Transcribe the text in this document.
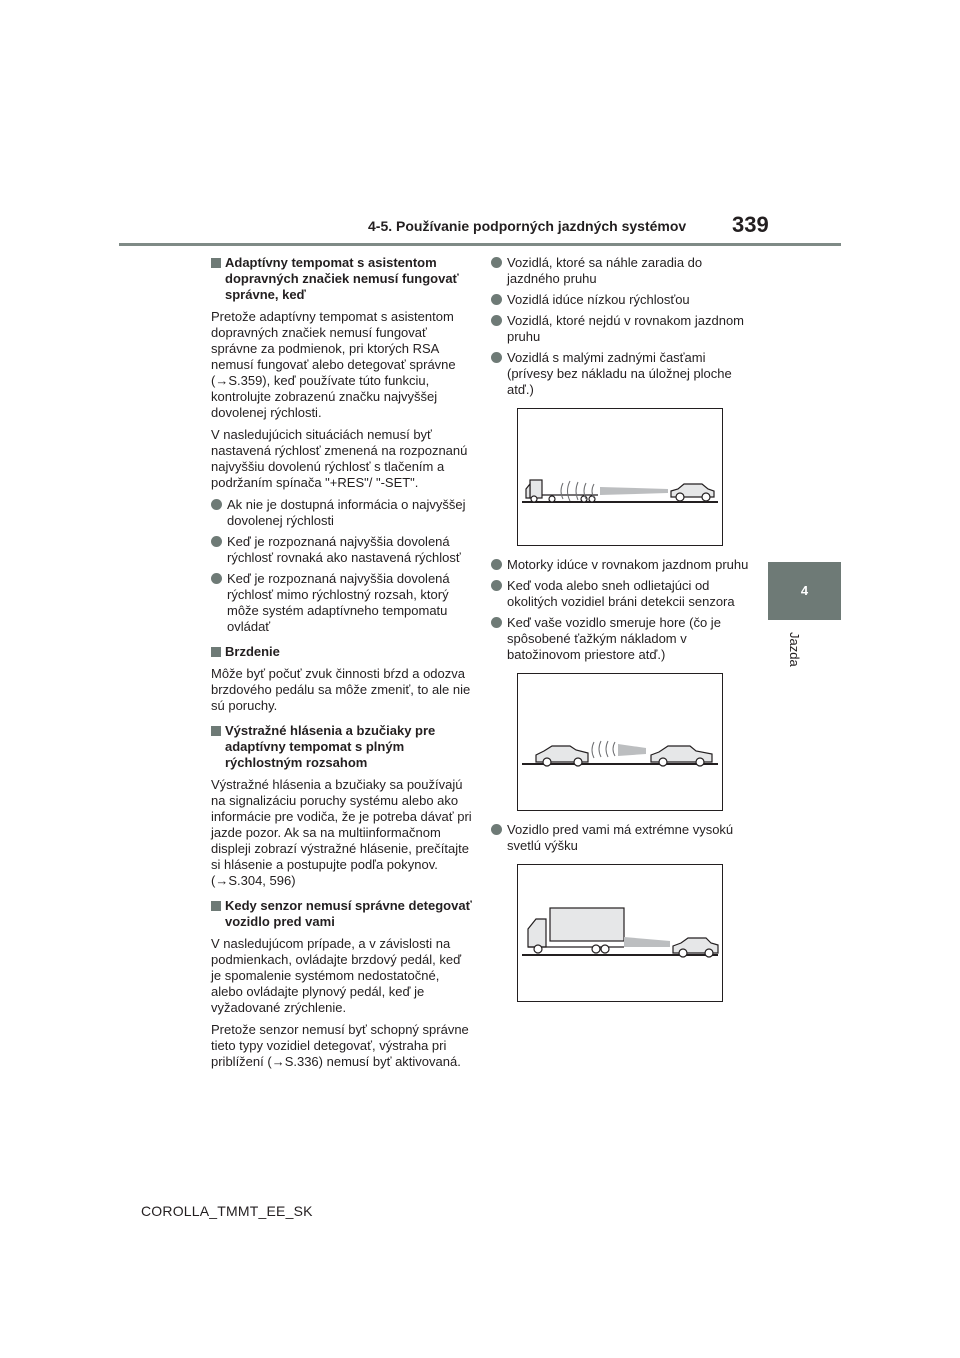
4-5. Používanie podporných jazdných systémov 339
4
Jazda
Adaptívny tempomat s asistentom dopravných značiek nemusí fungovať správne, keď

Pretože adaptívny tempomat s asistentom dopravných značiek nemusí fungovať správne za podmienok, pri ktorých RSA nemusí fungovať alebo detegovať správne (→S.359), keď používate túto funkciu, kontrolujte zobrazenú značku najvyššej dovolenej rýchlosti.

V nasledujúcich situáciách nemusí byť nastavená rýchlosť zmenená na rozpoznanú najvyššiu dovolenú rýchlosť s tlačením a podržaním spínača "+RES"/ "-SET".

Ak nie je dostupná informácia o najvyššej dovolenej rýchlosti
Keď je rozpoznaná najvyššia dovolená rýchlosť rovnaká ako nastavená rýchlosť
Keď je rozpoznaná najvyššia dovolená rýchlosť mimo rýchlostný rozsah, ktorý môže systém adaptívneho tempomatu ovládať
Brzdenie

Môže byť počuť zvuk činnosti bŕzd a odozva brzdového pedálu sa môže zmeniť, to ale nie sú poruchy.

Výstražné hlásenia a bzučiaky pre adaptívny tempomat s plným rýchlostným rozsahom

Výstražné hlásenia a bzučiaky sa používajú na signalizáciu poruchy systému alebo ako informácie pre vodiča, že je potreba dávať pri jazde pozor. Ak sa na multiinformačnom displeji zobrazí výstražné hlásenie, prečítajte si hlásenie a postupujte podľa pokynov. (→S.304, 596)

Kedy senzor nemusí správne detegovať vozidlo pred vami

V nasledujúcom prípade, a v závislosti na podmienkach, ovládajte brzdový pedál, keď je spomalenie systémom nedostatočné, alebo ovládajte plynový pedál, keď je vyžadované zrýchlenie.

Pretože senzor nemusí byť schopný správne tieto typy vozidiel detegovať, výstraha pri priblížení (→S.336) nemusí byť aktivovaná.

Vozidlá, ktoré sa náhle zaradia do jazdného pruhu
Vozidlá idúce nízkou rýchlosťou
Vozidlá, ktoré nejdú v rovnakom jazdnom pruhu
Vozidlá s malými zadnými časťami (prívesy bez nákladu na úložnej ploche atď.)
Motorky idúce v rovnakom jazdnom pruhu
Keď voda alebo sneh odlietajúci od okolitých vozidiel bráni detekcii senzora
Keď vaše vozidlo smeruje hore (čo je spôsobené ťažkým nákladom v batožinovom priestore atď.)
Vozidlo pred vami má extrémne vysokú svetlú výšku
COROLLA_TMMT_EE_SK
